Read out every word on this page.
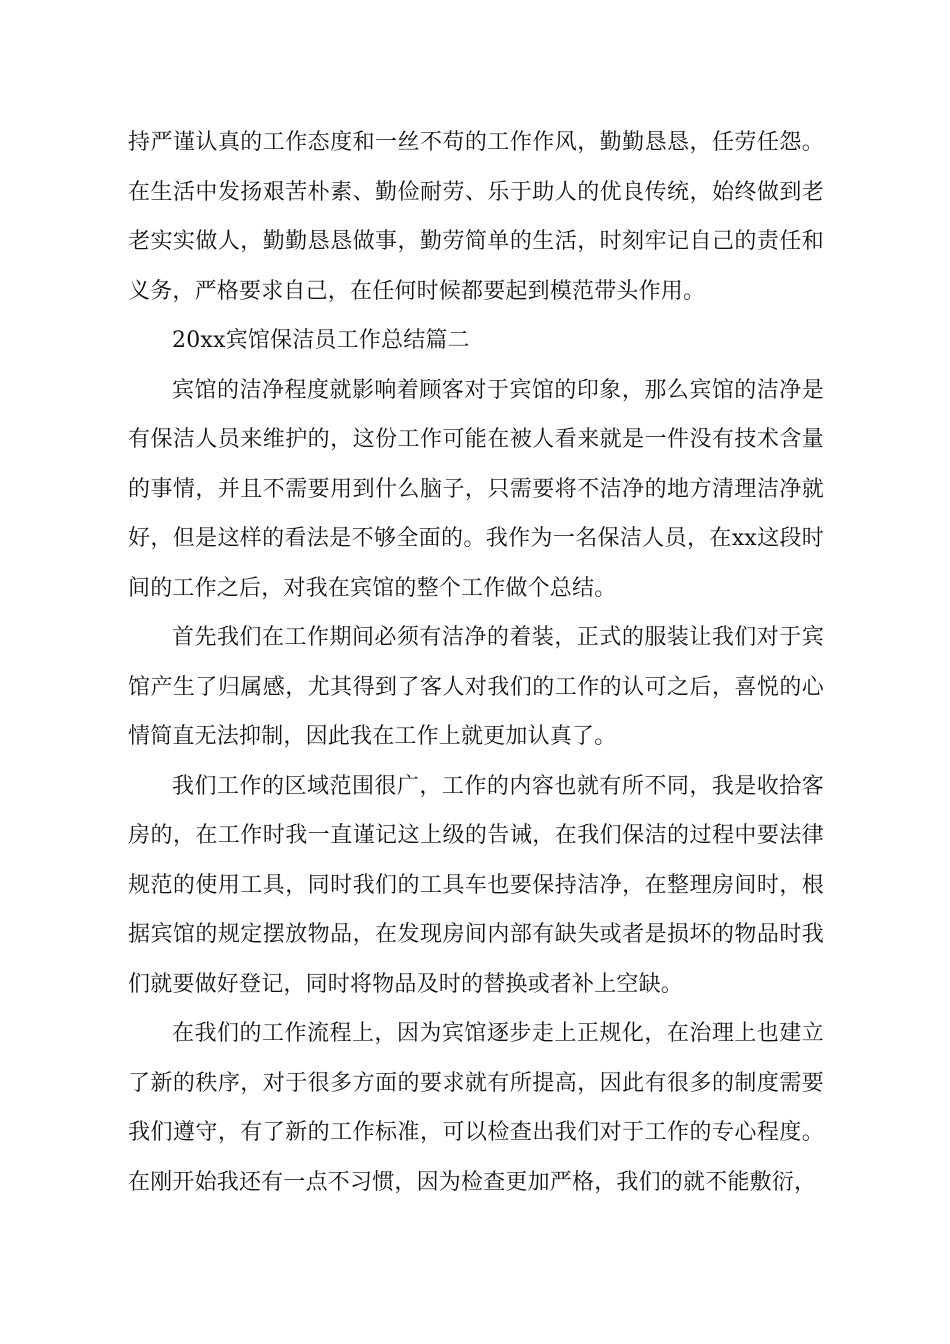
持严谨认真的工作态度和一丝不苟的工作作风，勤勤恳恳，任劳任怨。在生活中发扬艰苦朴素、勤俭耐劳、乐于助人的优良传统，始终做到老老实实做人，勤勤恳恳做事，勤劳简单的生活，时刻牢记自己的责任和义务，严格要求自己，在任何时候都要起到模范带头作用。

20xx宾馆保洁员工作总结篇二

宾馆的洁净程度就影响着顾客对于宾馆的印象，那么宾馆的洁净是有保洁人员来维护的，这份工作可能在被人看来就是一件没有技术含量的事情，并且不需要用到什么脑子，只需要将不洁净的地方清理洁净就好，但是这样的看法是不够全面的。我作为一名保洁人员，在xx这段时间的工作之后，对我在宾馆的整个工作做个总结。

首先我们在工作期间必须有洁净的着装，正式的服装让我们对于宾馆产生了归属感，尤其得到了客人对我们的工作的认可之后，喜悦的心情简直无法抑制，因此我在工作上就更加认真了。

我们工作的区域范围很广，工作的内容也就有所不同，我是收拾客房的，在工作时我一直谨记这上级的告诫，在我们保洁的过程中要法律规范的使用工具，同时我们的工具车也要保持洁净，在整理房间时，根据宾馆的规定摆放物品，在发现房间内部有缺失或者是损坏的物品时我们就要做好登记，同时将物品及时的替换或者补上空缺。

在我们的工作流程上，因为宾馆逐步走上正规化，在治理上也建立了新的秩序，对于很多方面的要求就有所提高，因此有很多的制度需要我们遵守，有了新的工作标准，可以检查出我们对于工作的专心程度。在刚开始我还有一点不习惯，因为检查更加严格，我们的就不能敷衍，
